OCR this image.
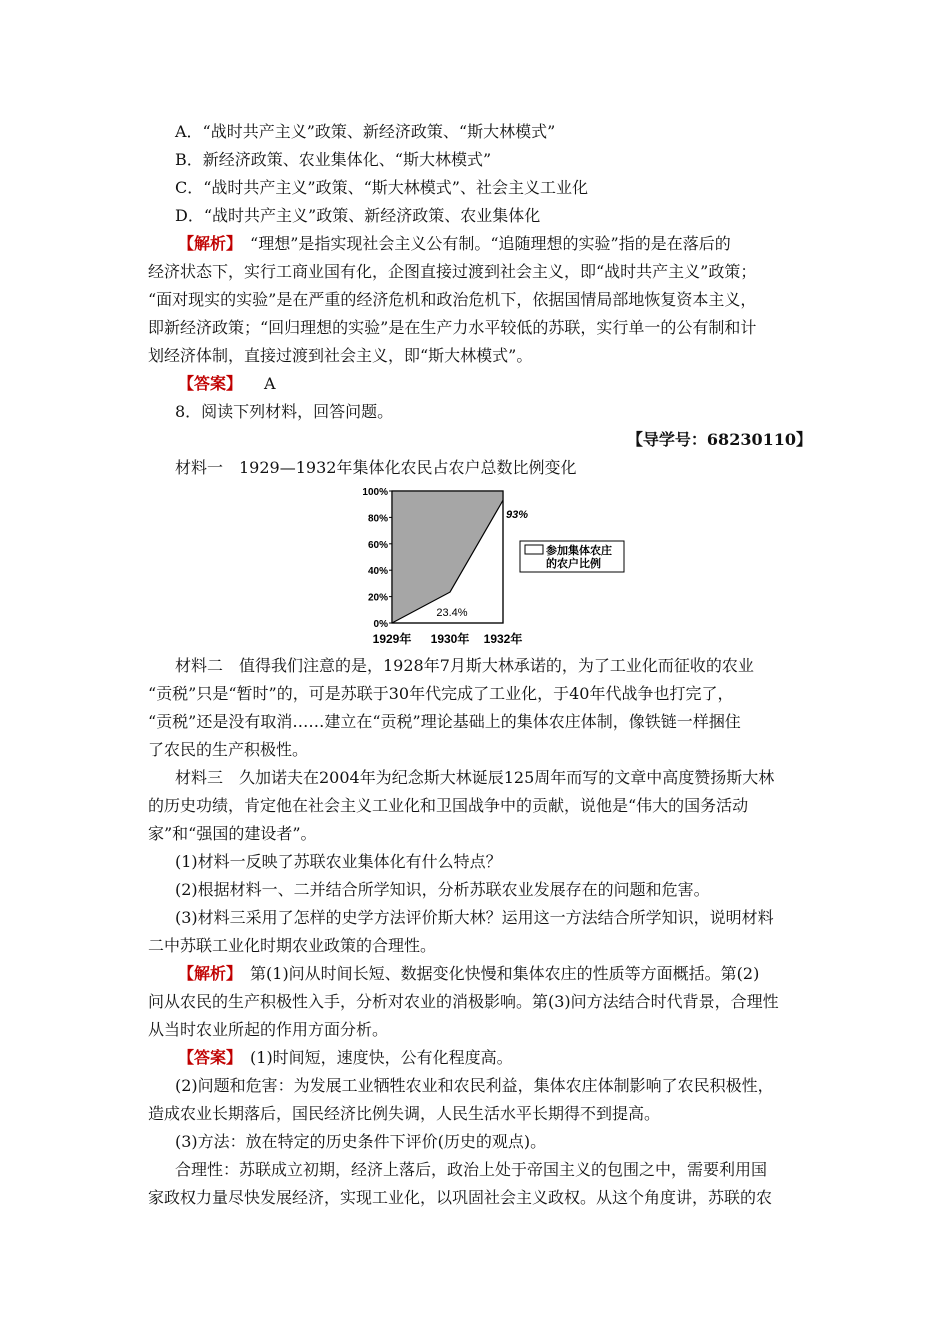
A．“战时共产主义”政策、新经济政策、“斯大林模式”
B．新经济政策、农业集体化、“斯大林模式”
C．“战时共产主义”政策、“斯大林模式”、社会主义工业化
D．“战时共产主义”政策、新经济政策、农业集体化
【解析】　“理想”是指实现社会主义公有制。“追随理想的实验”指的是在落后的
经济状态下，实行工商业国有化，企图直接过渡到社会主义，即“战时共产主义”政策；
“面对现实的实验”是在严重的经济危机和政治危机下，依据国情局部地恢复资本主义，
即新经济政策；“回归理想的实验”是在生产力水平较低的苏联，实行单一的公有制和计
划经济体制，直接过渡到社会主义，即“斯大林模式”。
【答案】 A
8．阅读下列材料，回答问题。
【导学号：68230110】
材料一　1929—1932年集体化农民占农户总数比例变化
0%
20%
40%
60%
80%
100%
1929年 1930年 1932年
23.4%
93%
参加集体农庄
的农户比例
材料二　值得我们注意的是，1928年7月斯大林承诺的，为了工业化而征收的农业
“贡税”只是“暂时”的，可是苏联于30年代完成了工业化，于40年代战争也打完了，
“贡税”还是没有取消……建立在“贡税”理论基础上的集体农庄体制，像铁链一样捆住
了农民的生产积极性。
材料三　久加诺夫在2004年为纪念斯大林诞辰125周年而写的文章中高度赞扬斯大林
的历史功绩，肯定他在社会主义工业化和卫国战争中的贡献，说他是“伟大的国务活动
家”和“强国的建设者”。
(1)材料一反映了苏联农业集体化有什么特点？
(2)根据材料一、二并结合所学知识，分析苏联农业发展存在的问题和危害。
(3)材料三采用了怎样的史学方法评价斯大林？运用这一方法结合所学知识，说明材料
二中苏联工业化时期农业政策的合理性。
【解析】　第(1)问从时间长短、数据变化快慢和集体农庄的性质等方面概括。第(2)
问从农民的生产积极性入手，分析对农业的消极影响。第(3)问方法结合时代背景，合理性
从当时农业所起的作用方面分析。
【答案】　(1)时间短，速度快，公有化程度高。
(2)问题和危害：为发展工业牺牲农业和农民利益，集体农庄体制影响了农民积极性，
造成农业长期落后，国民经济比例失调，人民生活水平长期得不到提高。
(3)方法：放在特定的历史条件下评价(历史的观点)。
合理性：苏联成立初期，经济上落后，政治上处于帝国主义的包围之中，需要利用国
家政权力量尽快发展经济，实现工业化，以巩固社会主义政权。从这个角度讲，苏联的农
